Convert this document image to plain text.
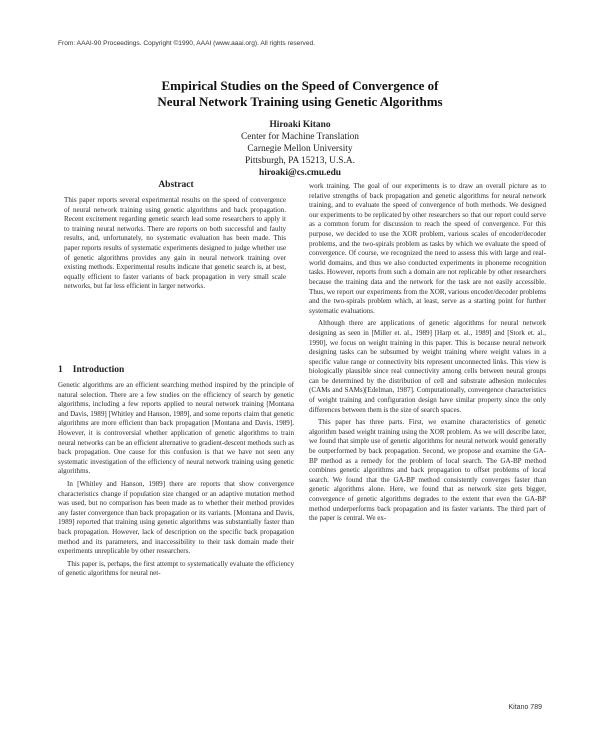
From: AAAI-90 Proceedings. Copyright ©1990, AAAI (www.aaai.org). All rights reserved.
Empirical Studies on the Speed of Convergence of
Neural Network Training using Genetic Algorithms
Hiroaki Kitano
Center for Machine Translation
Carnegie Mellon University
Pittsburgh, PA 15213, U.S.A.
hiroaki@cs.cmu.edu
Abstract

This paper reports several experimental results on the speed of convergence of neural network training using genetic algorithms and back propagation. Recent excitement regarding genetic search lead some researchers to apply it to training neural networks. There are reports on both successful and faulty results, and, unfortunately, no systematic evaluation has been made. This paper reports results of systematic experiments designed to judge whether use of genetic algorithms provides any gain in neural network training over existing methods. Experimental results indicate that genetic search is, at best, equally efficient to faster variants of back propagation in very small scale networks, but far less efficient in larger networks.

1 Introduction

Genetic algorithms are an efficient searching method inspired by the principle of natural selection. There are a few studies on the efficiency of search by genetic algorithms, including a few reports applied to neural network training [Montana and Davis, 1989] [Whitley and Hanson, 1989], and some reports claim that genetic algorithms are more efficient than back propagation [Montana and Davis, 1989]. However, it is controversial whether application of genetic algorithms to train neural networks can be an efficient alternative to gradient-descent methods such as back propagation. One cause for this confusion is that we have not seen any systematic investigation of the efficiency of neural network training using genetic algorithms.

In [Whitley and Hanson, 1989] there are reports that show convergence characteristics change if population size changed or an adaptive mutation method was used, but no comparison has been made as to whether their method provides any faster convergence than back propagation or its variants. [Montana and Davis, 1989] reported that training using genetic algorithms was substantially faster than back propagation. However, lack of description on the specific back propagation method and its parameters, and inaccessibility to their task domain made their experiments unreplicable by other researchers.

This paper is, perhaps, the first attempt to systematically evaluate the efficiency of genetic algorithms for neural net-

work training. The goal of our experiments is to draw an overall picture as to relative strengths of back propagation and genetic algorithms for neural network training, and to evaluate the speed of convergence of both methods. We designed our experiments to be replicated by other researchers so that our report could serve as a common forum for discussion to reach the speed of convergence. For this purpose, we decided to use the XOR problem, various scales of encoder/decoder problems, and the two-spirals problem as tasks by which we evaluate the speed of convergence. Of course, we recognized the need to assess this with large and real-world domains, and thus we also conducted experiments in phoneme recognition tasks. However, reports from such a domain are not replicable by other researchers because the training data and the network for the task are not easily accessible. Thus, we report our experiments from the XOR, various encoder/decoder problems and the two-spirals problem which, at least, serve as a starting point for further systematic evaluations.

Although there are applications of genetic algorithms for neural network designing as seen in [Miller et. al., 1989] [Harp et. al., 1989] and [Stork et. al., 1990], we focus on weight training in this paper. This is because neural network designing tasks can be subsumed by weight training where weight values in a specific value range or connectivity bits represent unconnected links. This view is biologically plausible since real connectivity among cells between neural groups can be determined by the distribution of cell and substrate adhesion molecules (CAMs and SAMs)[Edelman, 1987]. Computationally, convergence characteristics of weight training and configuration design have similar property since the only differences between them is the size of search spaces.

This paper has three parts. First, we examine characteristics of genetic algorithm based weight training using the XOR problem. As we will describe later, we found that simple use of genetic algorithms for neural network would generally be outperformed by back propagation. Second, we propose and examine the GA-BP method as a remedy for the problem of local search. The GA-BP method combines genetic algorithms and back propagation to offset problems of local search. We found that the GA-BP method consistently converges faster than genetic algorithms alone. Here, we found that as network size gets bigger, convergence of genetic algorithms degrades to the extent that even the GA-BP method underperforms back propagation and its faster variants. The third part of the paper is central. We ex-

Kitano 789
